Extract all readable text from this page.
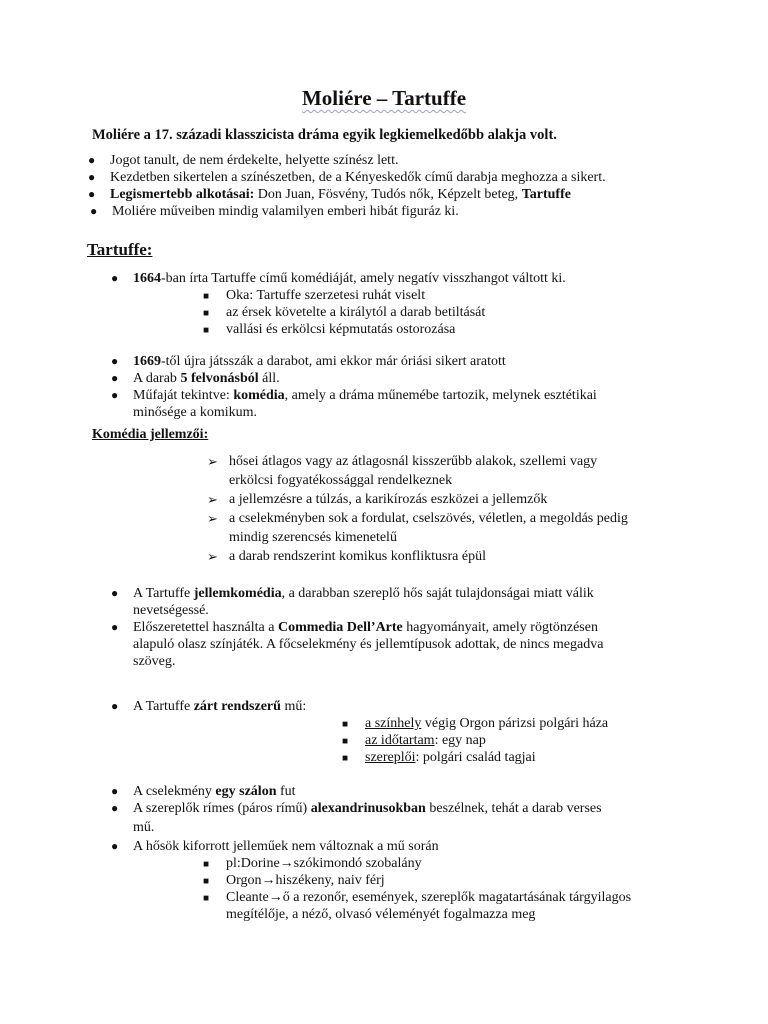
Moliére – Tartuffe

Moliére a 17. századi klasszicista dráma egyik legkiemelkedőbb alakja volt.

● Jogot tanult, de nem érdekelte, helyette színész lett.

● Kezdetben sikertelen a színészetben, de a Kényeskedők című darabja meghozza a sikert.

● Legismertebb alkotásai: Don Juan, Fösvény, Tudós nők, Képzelt beteg, Tartuffe

● Moliére műveiben mindig valamilyen emberi hibát figuráz ki.

Tartuffe:
● 1664-ban írta Tartuffe című komédiáját, amely negatív visszhangot váltott ki.

■ Oka: Tartuffe szerzetesi ruhát viselt

■ az érsek követelte a királytól a darab betiltását

■ vallási és erkölcsi képmutatás ostorozása

● 1669-től újra játsszák a darabot, ami ekkor már óriási sikert aratott

● A darab 5 felvonásból áll.

● Műfaját tekintve: komédia, amely a dráma műnemébe tartozik, melynek esztétikai

minősége a komikum.

Komédia jellemzői:
➢ hősei átlagos vagy az átlagosnál kisszerűbb alakok, szellemi vagy

erkölcsi fogyatékossággal rendelkeznek

➢ a jellemzésre a túlzás, a karikírozás eszközei a jellemzők

➢ a cselekményben sok a fordulat, cselszövés, véletlen, a megoldás pedig

mindig szerencsés kimenetelű

➢ a darab rendszerint komikus konfliktusra épül

● A Tartuffe jellemkomédia, a darabban szereplő hős saját tulajdonságai miatt válik

nevetségessé.

● Előszeretettel használta a Commedia Dell’Arte hagyományait, amely rögtönzésen

alapuló olasz színjáték. A főcselekmény és jellemtípusok adottak, de nincs megadva

szöveg.

● A Tartuffe zárt rendszerű mű:

■ a színhely végig Orgon párizsi polgári háza

■ az időtartam: egy nap

■ szereplői: polgári család tagjai

● A cselekmény egy szálon fut

● A szereplők rímes (páros rímű) alexandrinusokban beszélnek, tehát a darab verses

mű.

● A hősök kiforrott jelleműek nem változnak a mű során

■ pl:Dorine→szókimondó szobalány

■ Orgon→hiszékeny, naiv férj

■ Cleante→ő a rezonőr, események, szereplők magatartásának tárgyilagos

megítélője, a néző, olvasó véleményét fogalmazza meg
